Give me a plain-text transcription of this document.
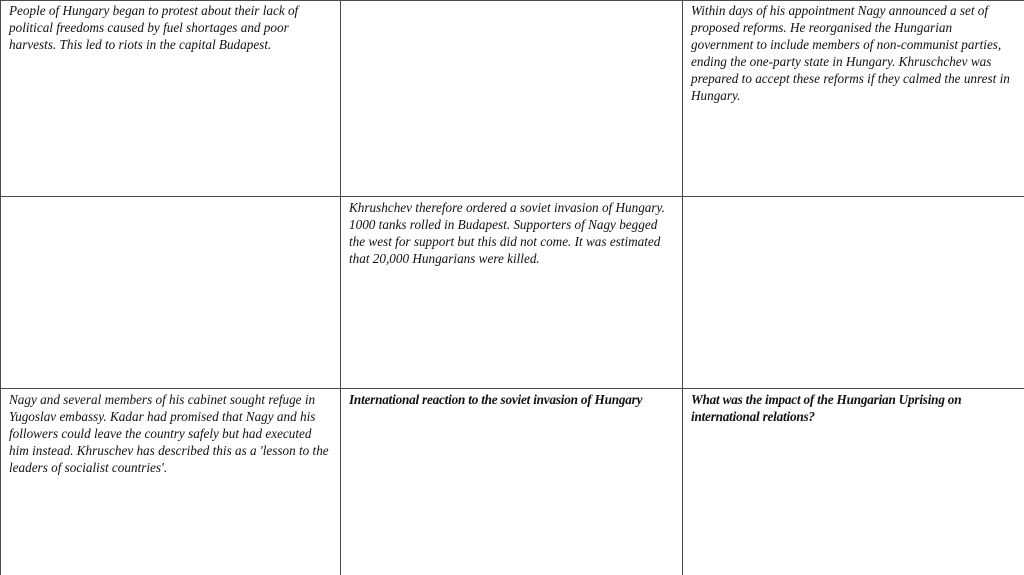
People of Hungary began to protest about their lack of political freedoms caused by fuel shortages and poor harvests. This led to riots in the capital Budapest.

Within days of his appointment Nagy announced a set of proposed reforms. He reorganised the Hungarian government to include members of non-communist parties, ending the one-party state in Hungary. Khruschchev was prepared to accept these reforms if they calmed the unrest in Hungary.

Khrushchev therefore ordered a soviet invasion of Hungary. 1000 tanks rolled in Budapest. Supporters of Nagy begged the west for support but this did not come. It was estimated that 20,000 Hungarians were killed.

Nagy and several members of his cabinet sought refuge in Yugoslav embassy. Kadar had promised that Nagy and his followers could leave the country safely but had executed him instead. Khruschev has described this as a 'lesson to the leaders of socialist countries'.

International reaction to the soviet invasion of Hungary	What was the impact of the Hungarian Uprising on international relations?
